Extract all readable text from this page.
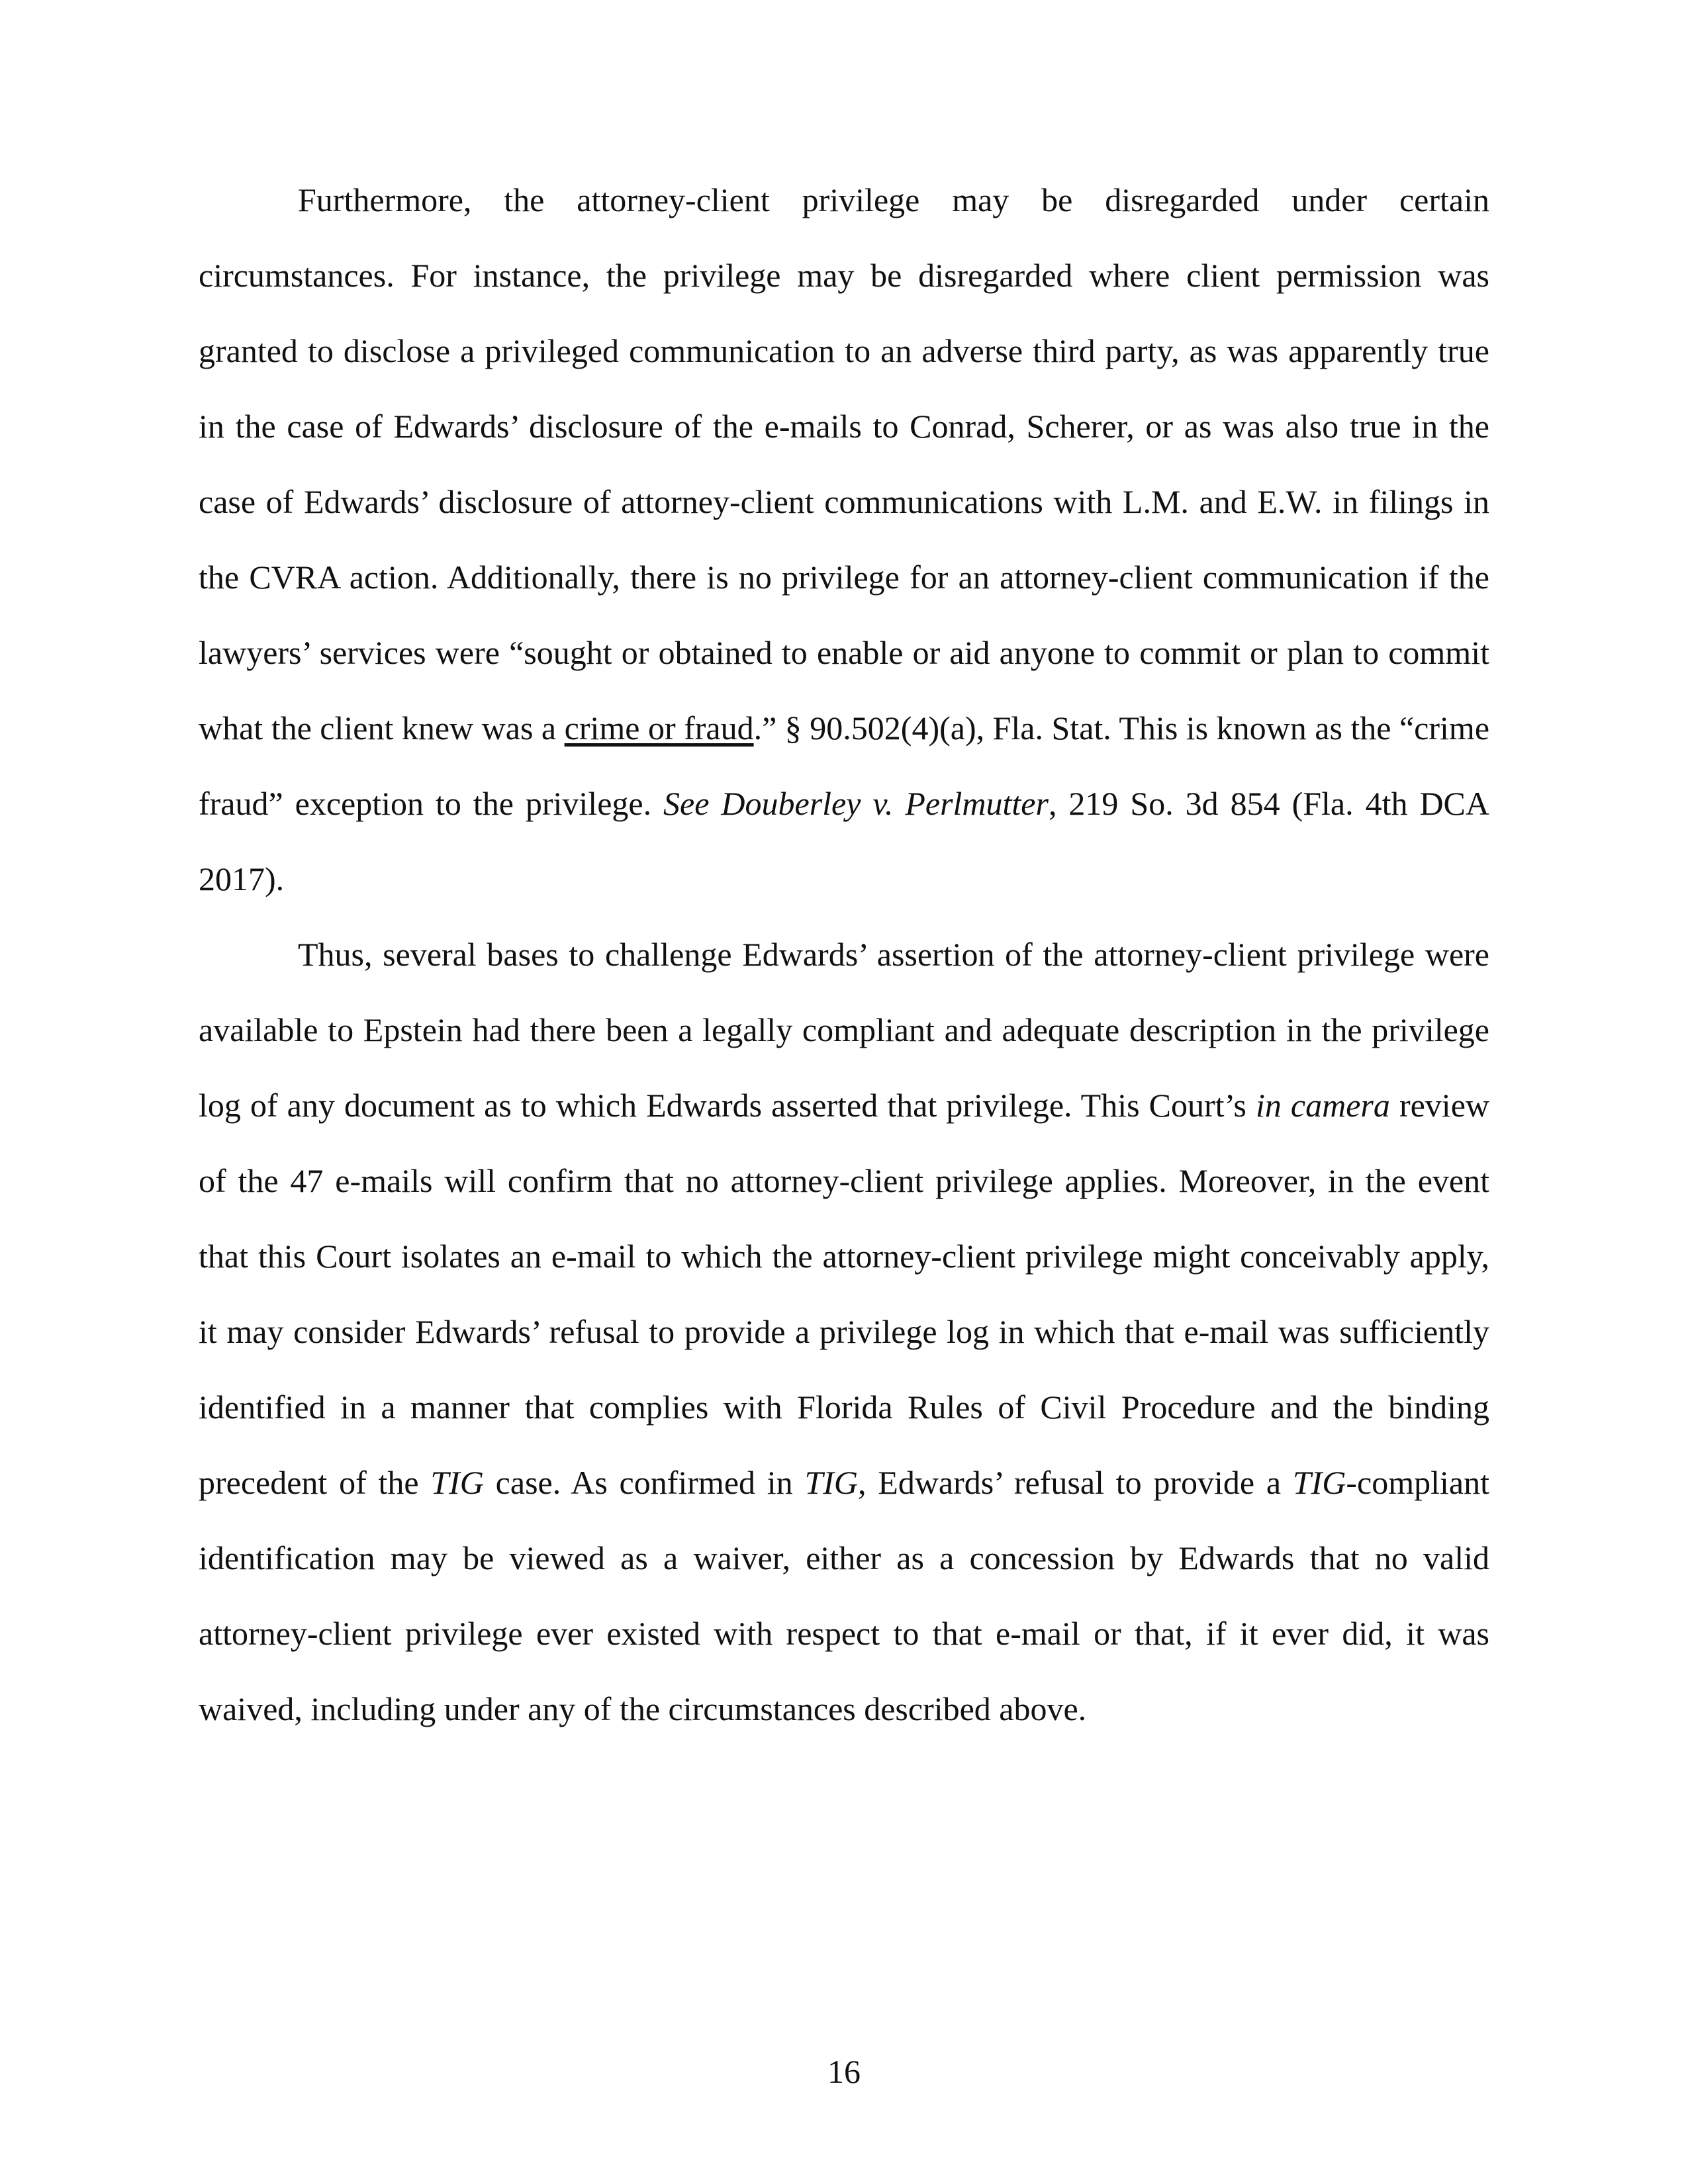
Furthermore, the attorney-client privilege may be disregarded under certain circumstances. For instance, the privilege may be disregarded where client permission was granted to disclose a privileged communication to an adverse third party, as was apparently true in the case of Edwards’ disclosure of the e-mails to Conrad, Scherer, or as was also true in the case of Edwards’ disclosure of attorney-client communications with L.M. and E.W. in filings in the CVRA action. Additionally, there is no privilege for an attorney-client communication if the lawyers’ services were “sought or obtained to enable or aid anyone to commit or plan to commit what the client knew was a crime or fraud.” § 90.502(4)(a), Fla. Stat. This is known as the “crime fraud” exception to the privilege. See Douberley v. Perlmutter, 219 So. 3d 854 (Fla. 4th DCA 2017).

Thus, several bases to challenge Edwards’ assertion of the attorney-client privilege were available to Epstein had there been a legally compliant and adequate description in the privilege log of any document as to which Edwards asserted that privilege. This Court’s in camera review of the 47 e-mails will confirm that no attorney-client privilege applies. Moreover, in the event that this Court isolates an e-mail to which the attorney-client privilege might conceivably apply, it may consider Edwards’ refusal to provide a privilege log in which that e-mail was sufficiently identified in a manner that complies with Florida Rules of Civil Procedure and the binding precedent of the TIG case. As confirmed in TIG, Edwards’ refusal to provide a TIG-compliant identification may be viewed as a waiver, either as a concession by Edwards that no valid attorney-client privilege ever existed with respect to that e-mail or that, if it ever did, it was waived, including under any of the circumstances described above.

16
